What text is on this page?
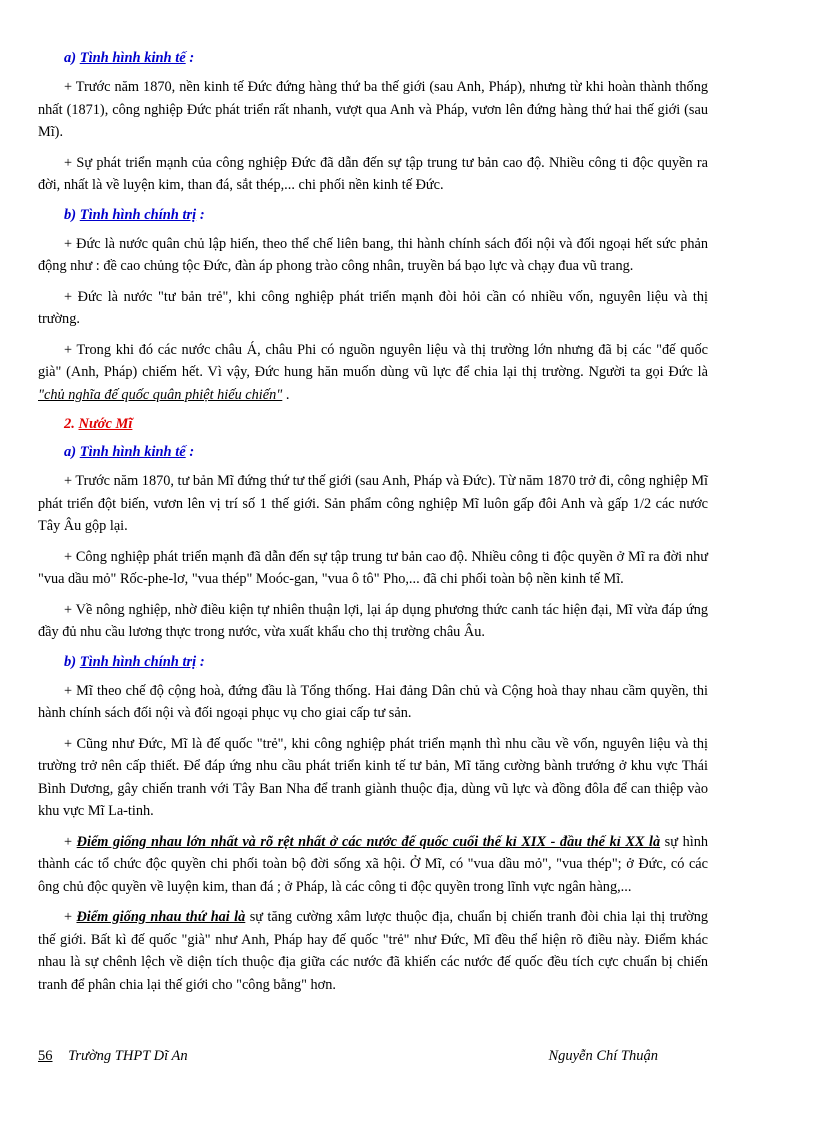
a) Tình hình kinh tế :

+ Trước năm 1870, nền kinh tế Đức đứng hàng thứ ba thế giới (sau Anh, Pháp), nhưng từ khi hoàn thành thống nhất (1871), công nghiệp Đức phát triển rất nhanh, vượt qua Anh và Pháp, vươn lên đứng hàng thứ hai thế giới (sau Mĩ).

+ Sự phát triển mạnh của công nghiệp Đức đã dẫn đến sự tập trung tư bản cao độ. Nhiều công ti độc quyền ra đời, nhất là về luyện kim, than đá, sắt thép,... chi phối nền kinh tế Đức.

b) Tình hình chính trị :

+ Đức là nước quân chủ lập hiến, theo thể chế liên bang, thi hành chính sách đối nội và đối ngoại hết sức phản động như : đề cao chủng tộc Đức, đàn áp phong trào công nhân, truyền bá bạo lực và chạy đua vũ trang.

+ Đức là nước "tư bản trẻ", khi công nghiệp phát triển mạnh đòi hỏi cần có nhiều vốn, nguyên liệu và thị trường.

+ Trong khi đó các nước châu Á, châu Phi có nguồn nguyên liệu và thị trường lớn nhưng đã bị các "đế quốc già" (Anh, Pháp) chiếm hết. Vì vậy, Đức hung hăn muốn dùng vũ lực để chia lại thị trường. Người ta gọi Đức là "chủ nghĩa đế quốc quân phiệt hiếu chiến" .

2. Nước Mĩ
a) Tình hình kinh tế :

+ Trước năm 1870, tư bản Mĩ đứng thứ tư thế giới (sau Anh, Pháp và Đức). Từ năm 1870 trở đi, công nghiệp Mĩ phát triển đột biến, vươn lên vị trí số 1 thế giới. Sản phẩm công nghiệp Mĩ luôn gấp đôi Anh và gấp 1/2 các nước Tây Âu gộp lại.

+ Công nghiệp phát triển mạnh đã dẫn đến sự tập trung tư bản cao độ. Nhiều công ti độc quyền ở Mĩ ra đời như "vua dầu mỏ" Rốc-phe-lơ, "vua thép" Moóc-gan, "vua ô tô" Pho,... đã chi phối toàn bộ nền kinh tế Mĩ.

+ Về nông nghiệp, nhờ điều kiện tự nhiên thuận lợi, lại áp dụng phương thức canh tác hiện đại, Mĩ vừa đáp ứng đầy đủ nhu cầu lương thực trong nước, vừa xuất khẩu cho thị trường châu Âu.

b) Tình hình chính trị :

+ Mĩ theo chế độ cộng hoà, đứng đầu là Tổng thống. Hai đảng Dân chủ và Cộng hoà thay nhau cầm quyền, thi hành chính sách đối nội và đối ngoại phục vụ cho giai cấp tư sản.

+ Cũng như Đức, Mĩ là đế quốc "trẻ", khi công nghiệp phát triển mạnh thì nhu cầu về vốn, nguyên liệu và thị trường trở nên cấp thiết. Để đáp ứng nhu cầu phát triển kinh tế tư bản, Mĩ tăng cường bành trướng ở khu vực Thái Bình Dương, gây chiến tranh với Tây Ban Nha để tranh giành thuộc địa, dùng vũ lực và đồng đôla để can thiệp vào khu vực Mĩ La-tinh.

+ Điểm giống nhau lớn nhất và rõ rệt nhất ở các nước đế quốc cuối thế kỉ XIX - đầu thế kỉ XX là sự hình thành các tổ chức độc quyền chi phối toàn bộ đời sống xã hội. Ở Mĩ, có "vua dầu mỏ", "vua thép"; ở Đức, có các ông chủ độc quyền về luyện kim, than đá ; ở Pháp, là các công ti độc quyền trong lĩnh vực ngân hàng,...

+ Điểm giống nhau thứ hai là sự tăng cường xâm lược thuộc địa, chuẩn bị chiến tranh đòi chia lại thị trường thế giới. Bất kì đế quốc "già" như Anh, Pháp hay đế quốc "trẻ" như Đức, Mĩ đều thể hiện rõ điều này. Điểm khác nhau là sự chênh lệch về diện tích thuộc địa giữa các nước đã khiến các nước đế quốc đều tích cực chuẩn bị chiến tranh để phân chia lại thế giới cho "công bằng" hơn.

56 Trường THPT Dĩ An	Nguyễn Chí Thuận
